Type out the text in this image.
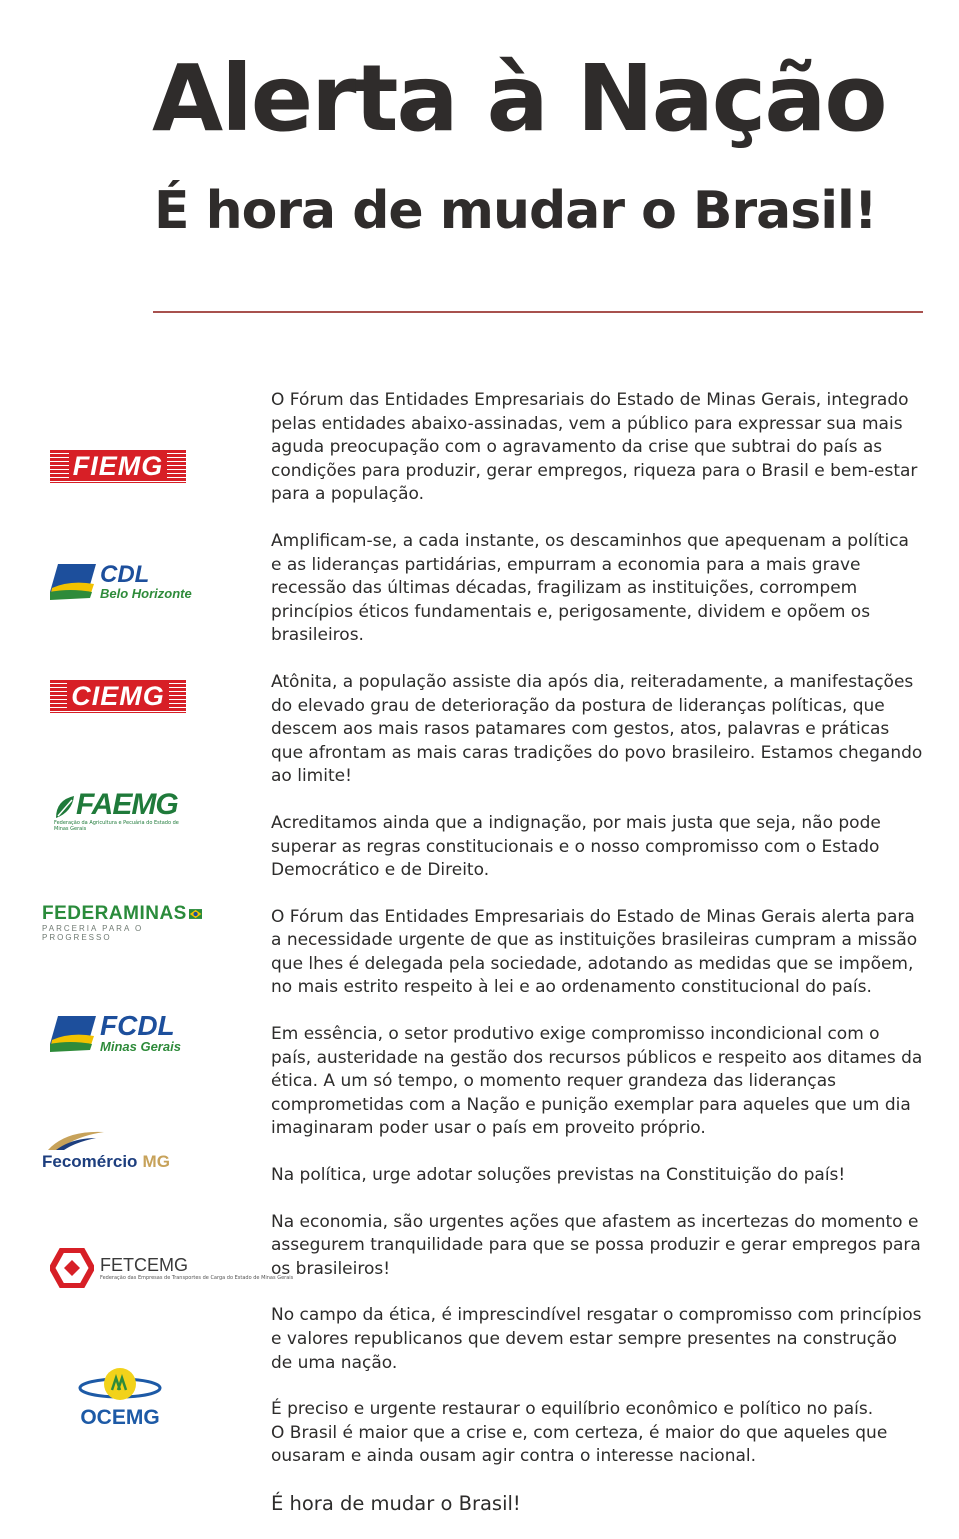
Alerta à Nação
É hora de mudar o Brasil!
FIEMG
CDL
Belo Horizonte
CIEMG
FAEMG
Federação da Agricultura e Pecuária do Estado de Minas Gerais
FEDERAMINAS
PARCERIA PARA O PROGRESSO
FCDL
Minas Gerais
Fecomércio MG
FETCEMG
Federação das Empresas de Transportes de Carga do Estado de Minas Gerais
OCEMG

O Fórum das Entidades Empresariais do Estado de Minas Gerais, integrado pelas entidades abaixo-assinadas, vem a público para expressar sua mais aguda preocupação com o agravamento da crise que subtrai do país as condições para produzir, gerar empregos, riqueza para o Brasil e bem-estar para a população.

Amplificam-se, a cada instante, os descaminhos que apequenam a política e as lideranças partidárias, empurram a economia para a mais grave recessão das últimas décadas, fragilizam as instituições, corrompem princípios éticos fundamentais e, perigosamente, dividem e opõem os brasileiros.

Atônita, a população assiste dia após dia, reiteradamente, a manifestações do elevado grau de deterioração da postura de lideranças políticas, que descem aos mais rasos patamares com gestos, atos, palavras e práticas que afrontam as mais caras tradições do povo brasileiro. Estamos chegando ao limite!

Acreditamos ainda que a indignação, por mais justa que seja, não pode superar as regras constitucionais e o nosso compromisso com o Estado Democrático e de Direito.

O Fórum das Entidades Empresariais do Estado de Minas Gerais alerta para a necessidade urgente de que as instituições brasileiras cumpram a missão que lhes é delegada pela sociedade, adotando as medidas que se impõem, no mais estrito respeito à lei e ao ordenamento constitucional do país.

Em essência, o setor produtivo exige compromisso incondicional com o país, austeridade na gestão dos recursos públicos e respeito aos ditames da ética. A um só tempo, o momento requer grandeza das lideranças comprometidas com a Nação e punição exemplar para aqueles que um dia imaginaram poder usar o país em proveito próprio.

Na política, urge adotar soluções previstas na Constituição do país!

Na economia, são urgentes ações que afastem as incertezas do momento e assegurem tranquilidade para que se possa produzir e gerar empregos para os brasileiros!

No campo da ética, é imprescindível resgatar o compromisso com princípios e valores republicanos que devem estar sempre presentes na construção de uma nação.

É preciso e urgente restaurar o equilíbrio econômico e político no país.
O Brasil é maior que a crise e, com certeza, é maior do que aqueles que ousaram e ainda ousam agir contra o interesse nacional.

É hora de mudar o Brasil!
